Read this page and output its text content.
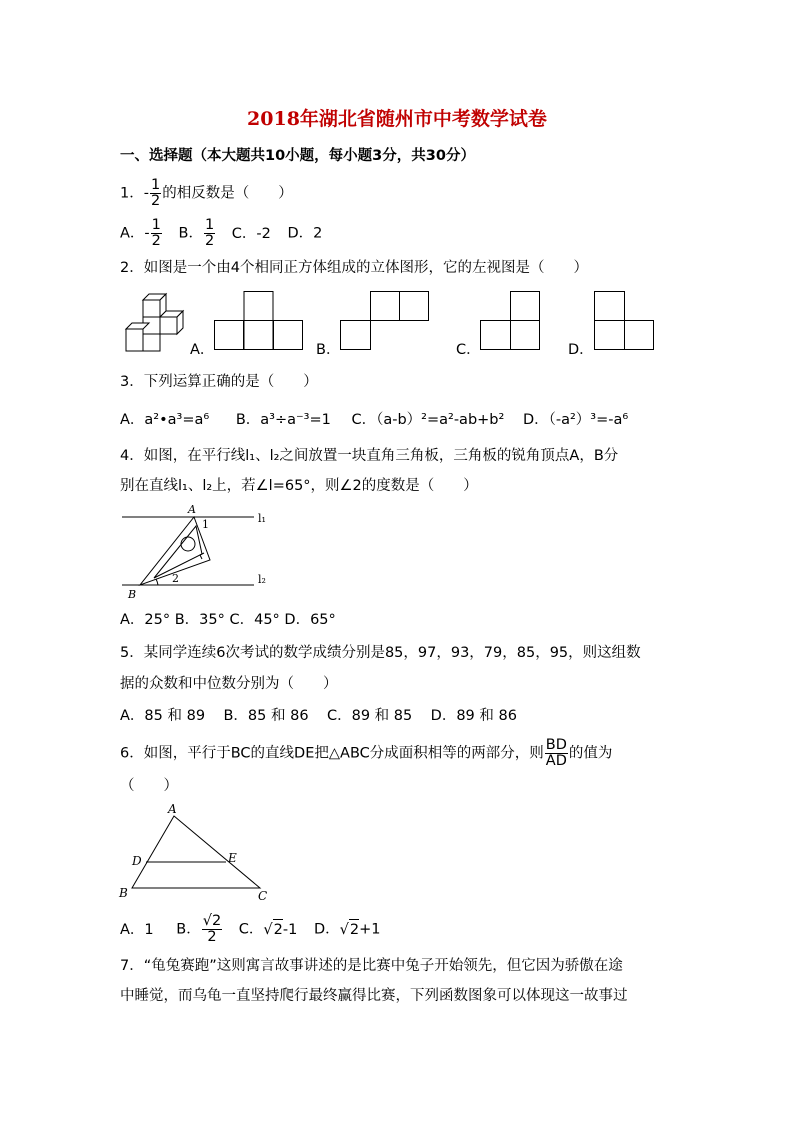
2018年湖北省随州市中考数学试卷
一、选择题（本大题共10小题，每小题3分，共30分）
1．- $\frac{1}{2}$ 的相反数是（　　）
A．- $\frac{1}{2}$ B． $\frac{1}{2}$ C．-2 D．2
2．如图是一个由4个相同正方体组成的立体图形，它的左视图是（　　）
A．	B．	C．	D．
3．下列运算正确的是（　　）
A．a²•a³=a⁶ B．a³÷a⁻³=1 C．（a-b）²=a²-ab+b² D．（-a²）³=-a⁶
4．如图，在平行线l₁、l₂之间放置一块直角三角板，三角板的锐角顶点A，B分
别在直线l₁、l₂上，若∠l=65°，则∠2的度数是（　　）
A
B
1
2
l₁
l₂
A．25° B．35° C．45° D．65°
5．某同学连续6次考试的数学成绩分别是85，97，93，79，85，95，则这组数
据的众数和中位数分别为（　　）
A．85 和 89    B．85 和 86    C．89 和 85    D．89 和 86
6．如图，平行于BC的直线DE把△ABC分成面积相等的两部分，则 $\frac{BD}{AD}$ 的值为
（　　）
A
D	E
B	C
A．1 B． $\frac{√2}{2}$ C．√2-1 D．√2+1
7．“龟兔赛跑”这则寓言故事讲述的是比赛中兔子开始领先，但它因为骄傲在途
中睡觉，而乌龟一直坚持爬行最终赢得比赛，下列函数图象可以体现这一故事过
